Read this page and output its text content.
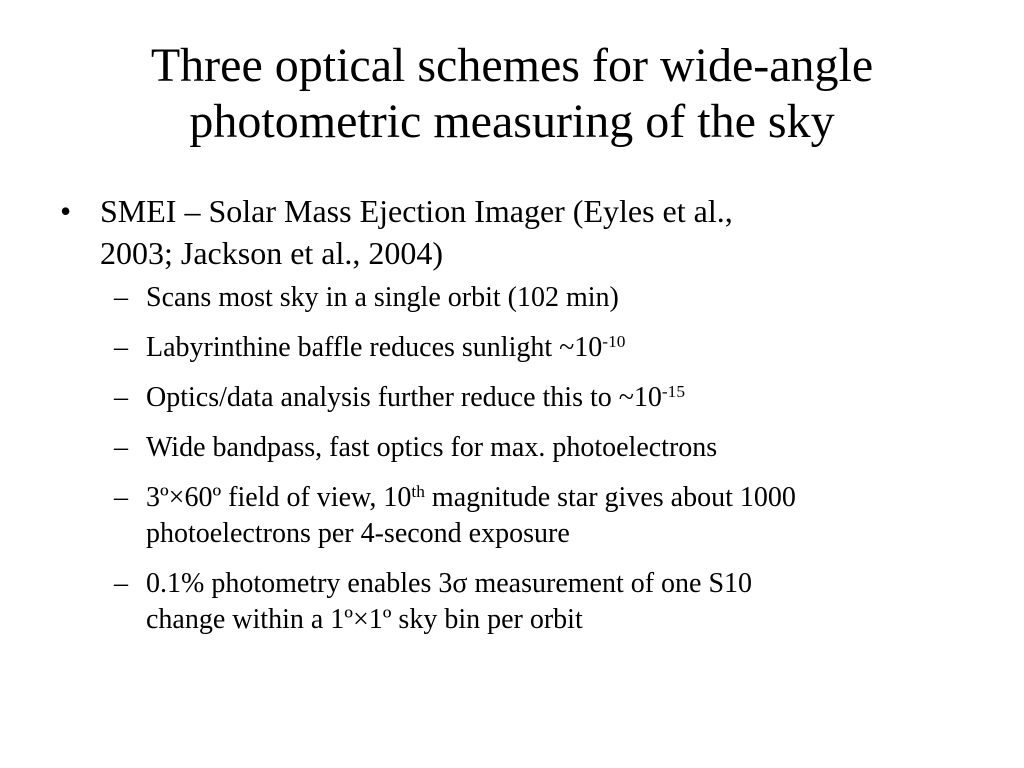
Three optical schemes for wide-angle
photometric measuring of the sky
• SMEI – Solar Mass Ejection Imager (Eyles et al.,
2003; Jackson et al., 2004)
– Scans most sky in a single orbit (102 min)
– Labyrinthine baffle reduces sunlight $\sim 10^{-10}$
– Optics/data analysis further reduce this to $\sim 10^{-15}$
– Wide bandpass, fast optics for max. photoelectrons
– 3º×60º field of view, 10th magnitude star gives about 1000
photoelectrons per 4-second exposure
– 0.1% photometry enables 3σ measurement of one S10
change within a 1º×1º sky bin per orbit
